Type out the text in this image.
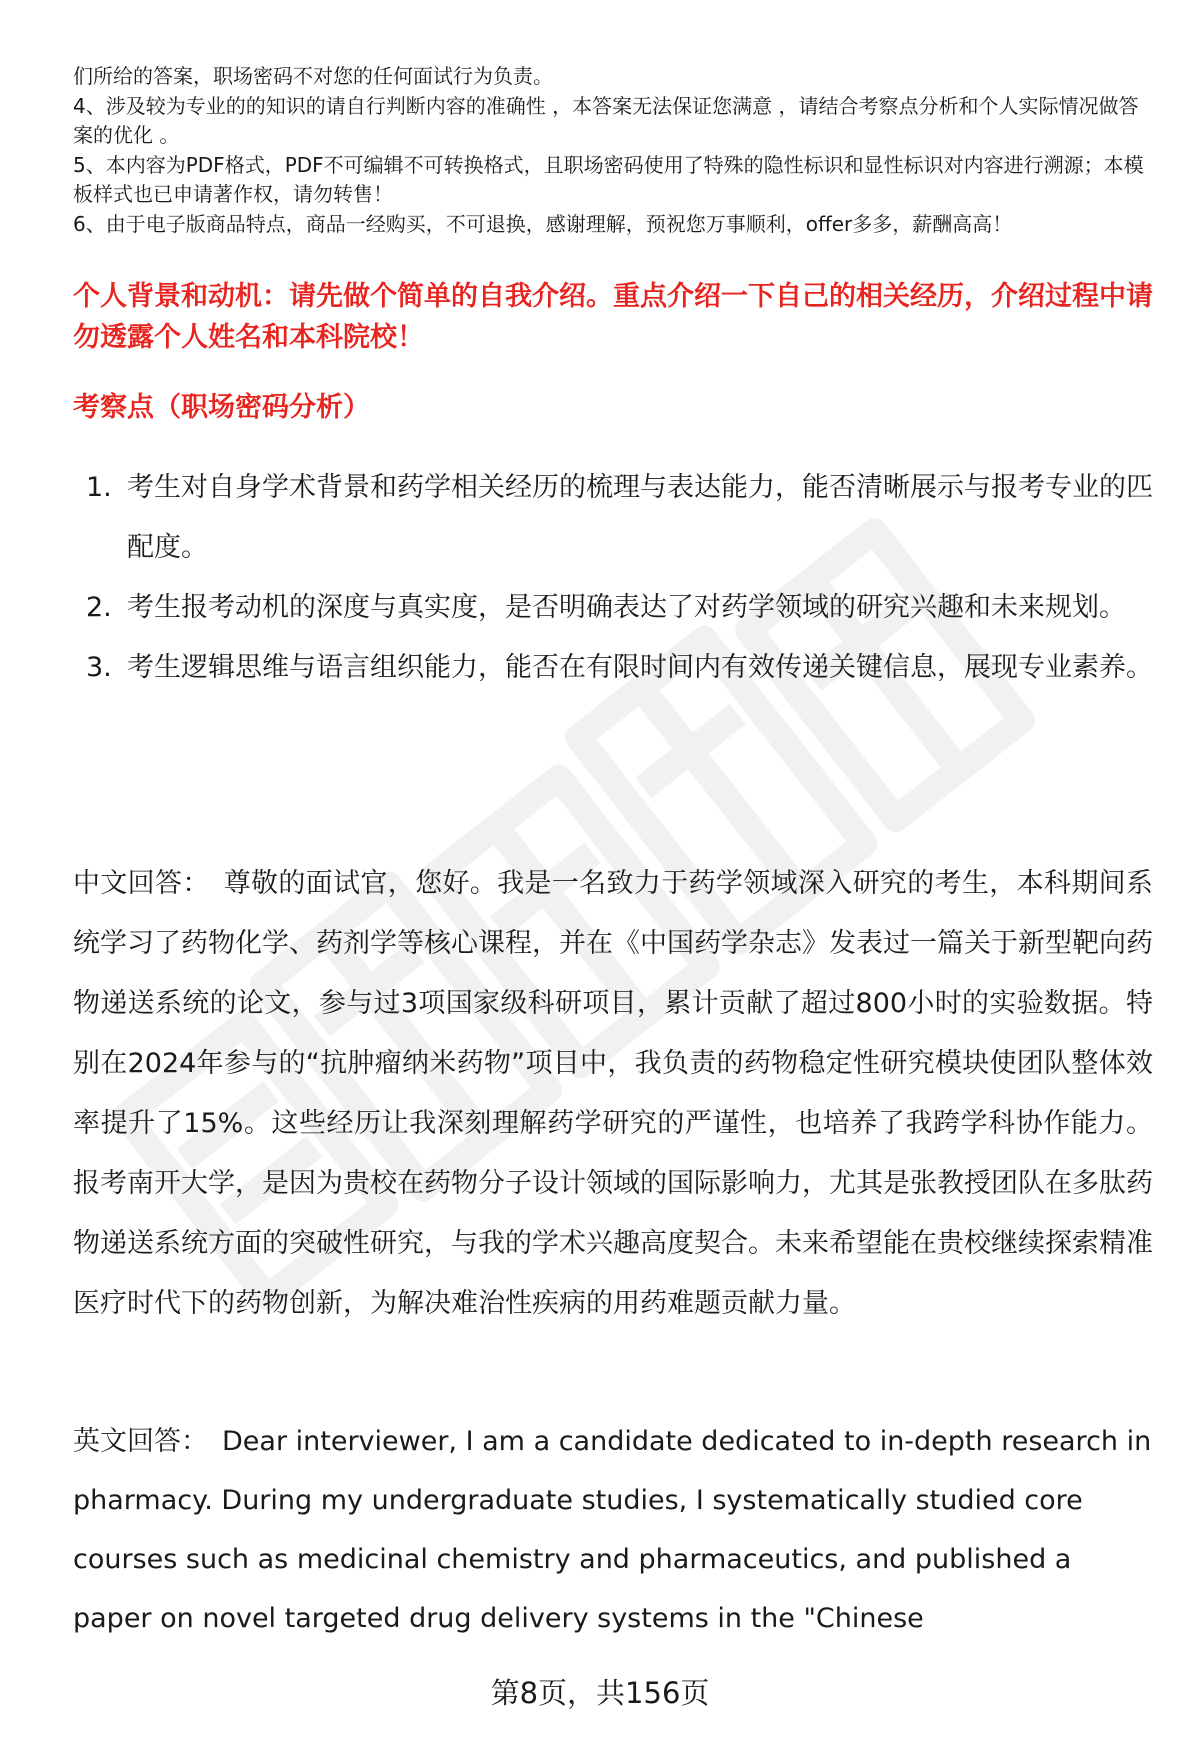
们所给的答案，职场密码不对您的任何面试行为负责。

4、涉及较为专业的的知识的请自行判断内容的准确性 ，本答案无法保证您满意 ，请结合考察点分析和个人实际情况做答案的优化 。

5、本内容为PDF格式，PDF不可编辑不可转换格式，且职场密码使用了特殊的隐性标识和显性标识对内容进行溯源；本模板样式也已申请著作权，请勿转售！

6、由于电子版商品特点，商品一经购买，不可退换，感谢理解，预祝您万事顺利，offer多多，薪酬高高！

个人背景和动机：请先做个简单的自我介绍。重点介绍一下自己的相关经历，介绍过程中请勿透露个人姓名和本科院校！

考察点（职场密码分析）

1. 考生对自身学术背景和药学相关经历的梳理与表达能力，能否清晰展示与报考专业的匹配度。

2. 考生报考动机的深度与真实度，是否明确表达了对药学领域的研究兴趣和未来规划。

3. 考生逻辑思维与语言组织能力，能否在有限时间内有效传递关键信息，展现专业素养。

中文回答： 尊敬的面试官，您好。我是一名致力于药学领域深入研究的考生，本科期间系统学习了药物化学、药剂学等核心课程，并在《中国药学杂志》发表过一篇关于新型靶向药物递送系统的论文，参与过3项国家级科研项目，累计贡献了超过800小时的实验数据。特别在2024年参与的“抗肿瘤纳米药物”项目中，我负责的药物稳定性研究模块使团队整体效率提升了15%。这些经历让我深刻理解药学研究的严谨性，也培养了我跨学科协作能力。报考南开大学，是因为贵校在药物分子设计领域的国际影响力，尤其是张教授团队在多肽药物递送系统方面的突破性研究，与我的学术兴趣高度契合。未来希望能在贵校继续探索精准医疗时代下的药物创新，为解决难治性疾病的用药难题贡献力量。

英文回答： Dear interviewer, I am a candidate dedicated to in-depth research in pharmacy. During my undergraduate studies, I systematically studied core courses such as medicinal chemistry and pharmaceutics, and published a paper on novel targeted drug delivery systems in the "Chinese

第8页，共156页
